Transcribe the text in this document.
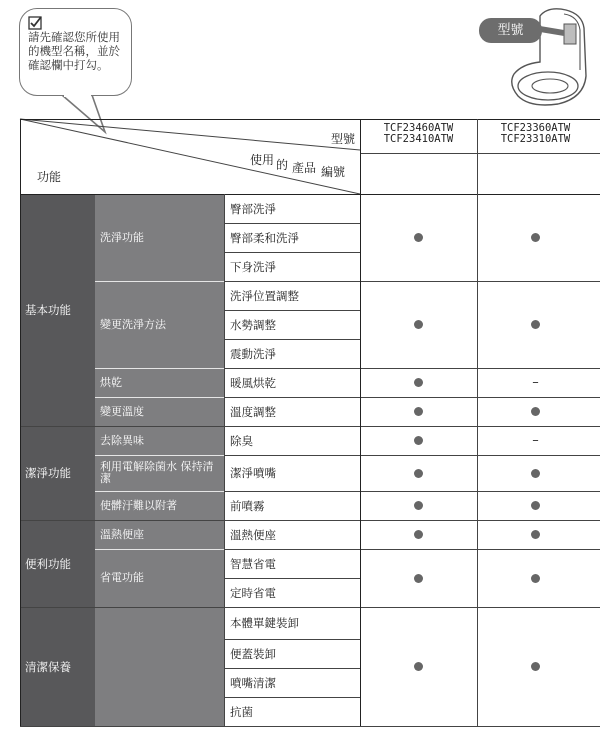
請先確認您所使用
的機型名稱，並於
確認欄中打勾。
型號
型號
使用 的 產品 編號
功能
TCF23460ATW
TCF23410ATW
TCF23360ATW
TCF23310ATW
臀部洗淨
臀部柔和洗淨
下身洗淨
洗淨功能
洗淨位置調整
水勢調整
震動洗淨
變更洗淨方法
暖風烘乾
烘乾	–
溫度調整
變更溫度
基本功能
除臭
去除異味	–
潔淨噴嘴
利用電解除菌水 保持清潔
前噴霧
使髒汙難以附著
潔淨功能
溫熱便座
溫熱便座
智慧省電
定時省電
省電功能
便利功能
本體單鍵裝卸
便蓋裝卸
噴嘴清潔
抗菌
清潔保養
